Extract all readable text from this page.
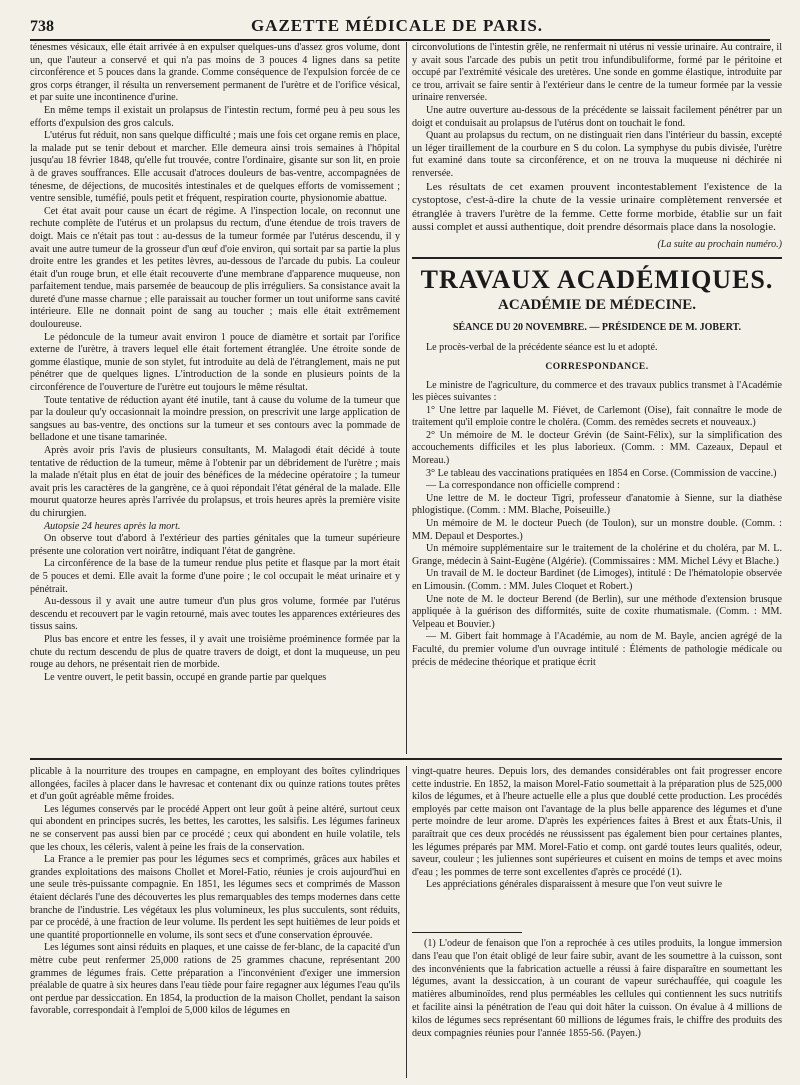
738	GAZETTE MÉDICALE DE PARIS.

ténesmes vésicaux, elle était arrivée à en expulser quelques-uns d'assez gros volume, dont un, que l'auteur a conservé et qui n'a pas moins de 3 pouces 4 lignes dans sa petite circonférence et 5 pouces dans la grande. Comme conséquence de l'expulsion forcée de ce gros corps étranger, il résulta un renversement permanent de l'urètre et de l'orifice vésical, et par suite une incontinence d'urine.

En même temps il existait un prolapsus de l'intestin rectum, formé peu à peu sous les efforts d'expulsion des gros calculs.

L'utérus fut réduit, non sans quelque difficulté ; mais une fois cet organe remis en place, la malade put se tenir debout et marcher. Elle demeura ainsi trois semaines à l'hôpital jusqu'au 18 février 1848, qu'elle fut trouvée, contre l'ordinaire, gisante sur son lit, en proie à de graves souffrances. Elle accusait d'atroces douleurs de bas-ventre, accompagnées de ténesme, de déjections, de mucosités intestinales et de quelques efforts de vomissement ; ventre sensible, tuméfié, pouls petit et fréquent, respiration courte, physionomie abattue.

Cet état avait pour cause un écart de régime. A l'inspection locale, on reconnut une rechute complète de l'utérus et un prolapsus du rectum, d'une étendue de trois travers de doigt. Mais ce n'était pas tout : au-dessus de la tumeur formée par l'utérus descendu, il y avait une autre tumeur de la grosseur d'un œuf d'oie environ, qui sortait par sa partie la plus droite entre les grandes et les petites lèvres, au-dessous de l'arcade du pubis. La couleur était d'un rouge brun, et elle était recouverte d'une membrane d'apparence muqueuse, non parfaitement tendue, mais parsemée de beaucoup de plis irréguliers. Sa consistance avait la dureté d'une masse charnue ; elle paraissait au toucher former un tout uniforme sans cavité intérieure. Elle ne donnait point de sang au toucher ; mais elle était extrêmement douloureuse.

Le pédoncule de la tumeur avait environ 1 pouce de diamètre et sortait par l'orifice externe de l'urètre, à travers lequel elle était fortement étranglée. Une étroite sonde de gomme élastique, munie de son stylet, fut introduite au delà de l'étranglement, mais ne put pénétrer que de quelques lignes. L'introduction de la sonde en plusieurs points de la circonférence de l'ouverture de l'urètre eut toujours le même résultat.

Toute tentative de réduction ayant été inutile, tant à cause du volume de la tumeur que par la douleur qu'y occasionnait la moindre pression, on prescrivit une large application de sangsues au bas-ventre, des onctions sur la tumeur et ses contours avec la pommade de belladone et une tisane tamarinée.

Après avoir pris l'avis de plusieurs consultants, M. Malagodi était décidé à toute tentative de réduction de la tumeur, même à l'obtenir par un débridement de l'urètre ; mais la malade n'était plus en état de jouir des bénéfices de la médecine opératoire ; la tumeur avait pris les caractères de la gangrène, ce à quoi répondait l'état général de la malade. Elle mourut quatorze heures après l'arrivée du prolapsus, et trois heures après la première visite du chirurgien.

Autopsie 24 heures après la mort.

On observe tout d'abord à l'extérieur des parties génitales que la tumeur supérieure présente une coloration vert noirâtre, indiquant l'état de gangrène.

La circonférence de la base de la tumeur rendue plus petite et flasque par la mort était de 5 pouces et demi. Elle avait la forme d'une poire ; le col occupait le méat urinaire et y pénétrait.

Au-dessous il y avait une autre tumeur d'un plus gros volume, formée par l'utérus descendu et recouvert par le vagin retourné, mais avec toutes les apparences extérieures des tissus sains.

Plus bas encore et entre les fesses, il y avait une troisième proéminence formée par la chute du rectum descendu de plus de quatre travers de doigt, et dont la muqueuse, un peu rouge au dehors, ne présentait rien de morbide.

Le ventre ouvert, le petit bassin, occupé en grande partie par quelques

circonvolutions de l'intestin grêle, ne renfermait ni utérus ni vessie urinaire. Au contraire, il y avait sous l'arcade des pubis un petit trou infundibuliforme, formé par le péritoine et occupé par l'extrémité vésicale des uretères. Une sonde en gomme élastique, introduite par ce trou, arrivait se faire sentir à l'extérieur dans le centre de la tumeur formée par la vessie urinaire renversée.

Une autre ouverture au-dessous de la précédente se laissait facilement pénétrer par un doigt et conduisait au prolapsus de l'utérus dont on touchait le fond.

Quant au prolapsus du rectum, on ne distinguait rien dans l'intérieur du bassin, excepté un léger tiraillement de la courbure en S du colon. La symphyse du pubis divisée, l'urètre fut examiné dans toute sa circonférence, et on ne trouva la muqueuse ni déchirée ni renversée.

Les résultats de cet examen prouvent incontestablement l'existence de la cystoptose, c'est-à-dire la chute de la vessie urinaire complètement renversée et étranglée à travers l'urètre de la femme. Cette forme morbide, établie sur un fait aussi complet et aussi authentique, doit prendre désormais place dans la nosologie.

(La suite au prochain numéro.)
TRAVAUX ACADÉMIQUES.
ACADÉMIE DE MÉDECINE.
SÉANCE DU 20 NOVEMBRE. — PRÉSIDENCE DE M. JOBERT.

Le procès-verbal de la précédente séance est lu et adopté.

CORRESPONDANCE.

Le ministre de l'agriculture, du commerce et des travaux publics transmet à l'Académie les pièces suivantes :

1° Une lettre par laquelle M. Fiévet, de Carlemont (Oise), fait connaître le mode de traitement qu'il emploie contre le choléra. (Comm. des remèdes secrets et nouveaux.)

2° Un mémoire de M. le docteur Grévin (de Saint-Félix), sur la simplification des accouchements difficiles et les plus laborieux. (Comm. : MM. Cazeaux, Depaul et Moreau.)

3° Le tableau des vaccinations pratiquées en 1854 en Corse. (Commission de vaccine.)

— La correspondance non officielle comprend :

Une lettre de M. le docteur Tigri, professeur d'anatomie à Sienne, sur la diathèse phlogistique. (Comm. : MM. Blache, Poiseuille.)

Un mémoire de M. le docteur Puech (de Toulon), sur un monstre double. (Comm. : MM. Depaul et Desportes.)

Un mémoire supplémentaire sur le traitement de la cholérine et du choléra, par M. L. Grange, médecin à Saint-Eugène (Algérie). (Commissaires : MM. Michel Lévy et Blache.)

Un travail de M. le docteur Bardinet (de Limoges), intitulé : De l'hématolopie observée en Limousin. (Comm. : MM. Jules Cloquet et Robert.)

Une note de M. le docteur Berend (de Berlin), sur une méthode d'extension brusque appliquée à la guérison des difformités, suite de coxite rhumatismale. (Comm. : MM. Velpeau et Bouvier.)

— M. Gibert fait hommage à l'Académie, au nom de M. Bayle, ancien agrégé de la Faculté, du premier volume d'un ouvrage intitulé : Éléments de pathologie médicale ou précis de médecine théorique et pratique écrit

plicable à la nourriture des troupes en campagne, en employant des boîtes cylindriques allongées, faciles à placer dans le havresac et contenant dix ou quinze rations toutes prêtes et d'un goût agréable même froides.

Les légumes conservés par le procédé Appert ont leur goût à peine altéré, surtout ceux qui abondent en principes sucrés, les bettes, les carottes, les salsifis. Les légumes farineux ne se conservent pas aussi bien par ce procédé ; ceux qui abondent en huile volatile, tels que les choux, les céleris, valent à peine les frais de la conservation.

La France a le premier pas pour les légumes secs et comprimés, grâces aux habiles et grandes exploitations des maisons Chollet et Morel-Fatio, réunies je crois aujourd'hui en une seule très-puissante compagnie. En 1851, les légumes secs et comprimés de Masson étaient déclarés l'une des découvertes les plus remarquables des temps modernes dans cette branche de l'industrie. Les végétaux les plus volumineux, les plus succulents, sont réduits, par ce procédé, à une fraction de leur volume. Ils perdent les sept huitièmes de leur poids et une quantité proportionnelle en volume, ils sont secs et d'une conservation éprouvée.

Les légumes sont ainsi réduits en plaques, et une caisse de fer-blanc, de la capacité d'un mètre cube peut renfermer 25,000 rations de 25 grammes chacune, représentant 200 grammes de légumes frais. Cette préparation a l'inconvénient d'exiger une immersion préalable de quatre à six heures dans l'eau tiède pour faire regagner aux légumes l'eau qu'ils ont perdue par dessiccation. En 1854, la production de la maison Chollet, pendant la saison favorable, correspondait à l'emploi de 5,000 kilos de légumes en

vingt-quatre heures. Depuis lors, des demandes considérables ont fait progresser encore cette industrie. En 1852, la maison Morel-Fatio soumettait à la préparation plus de 525,000 kilos de légumes, et à l'heure actuelle elle a plus que doublé cette production. Les procédés employés par cette maison ont l'avantage de la plus belle apparence des légumes et d'une perte moindre de leur arome. D'après les expériences faites à Brest et aux États-Unis, il paraîtrait que ces deux procédés ne réussissent pas également bien pour certaines plantes, les légumes préparés par MM. Morel-Fatio et comp. ont gardé toutes leurs qualités, odeur, saveur, couleur ; les juliennes sont supérieures et cuisent en moins de temps et avec moins d'eau ; les pommes de terre sont excellentes d'après ce procédé (1).

Les appréciations générales disparaissent à mesure que l'on veut suivre le

(1) L'odeur de fenaison que l'on a reprochée à ces utiles produits, la longue immersion dans l'eau que l'on était obligé de leur faire subir, avant de les soumettre à la cuisson, sont des inconvénients que la fabrication actuelle a réussi à faire disparaître en soumettant les légumes, avant la dessiccation, à un courant de vapeur suréchauffée, qui coagule les matières albuminoïdes, rend plus perméables les cellules qui contiennent les sucs nutritifs et facilite ainsi la pénétration de l'eau qui doit hâter la cuisson. On évalue à 4 millions de kilos de légumes secs représentant 60 millions de légumes frais, le chiffre des produits des deux compagnies réunies pour l'année 1855-56. (Payen.)
